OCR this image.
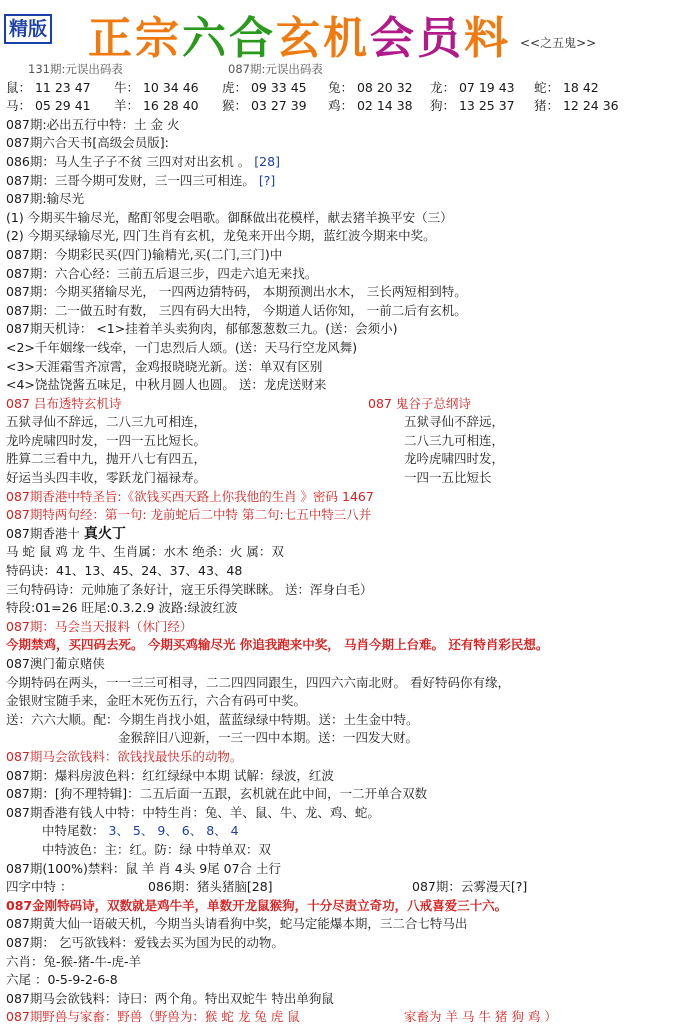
精版 正宗六合玄机会员料 <<之五鬼>>
131期:元误出码表	087期:元误出码表
鼠： 11 23 47 牛： 10 34 46 虎： 09 33 45 兔： 08 20 32 龙： 07 19 43 蛇： 18 42
马： 05 29 41 羊： 16 28 40 猴： 03 27 39 鸡： 02 14 38 狗： 13 25 37 猪： 12 24 36
087期:必出五行中特：土 金 火
087期六合天书[高级会员版]:
086期：马人生子子不贫 三四对对出玄机 。 [28]
087期：三哥今期可发财，三一四三可相连。 [?]
087期:输尽光
(1) 今期买牛输尽光，酩酊邻叟会唱歌。御酥做出花模样，献去猪羊换平安（三）
(2) 今期买绿输尽光, 四门生肖有玄机，龙兔来开出今期，蓝红波今期来中奖。
087期：今期彩民买(四门)输精光,买(二门,三门)中
087期：六合心经：三前五后退三步，四走六追无来找。
087期：今期买猪输尽光， 一四两边猜特码， 本期预测出水木， 三长两短相到特。
087期：二一做五时有数， 三四有码大出特， 今期道人话你知， 一前二后有玄机。
087期天机诗： <1>挂着羊头卖狗肉，郁郁葱葱数三九。(送：会须小)
<2>千年姻缘一线牵，一门忠烈后人颂。(送：天马行空龙风舞)
<3>天涯霜雪齐凉霄，金鸡报晓晓光新。送：单双有区别
<4>饶盐饶酱五味足，中秋月圆人也圆。 送：龙虎送财来
087 吕布透特玄机诗	087 鬼谷子总纲诗
五狱寻仙不辞远，二八三九可相连，	五狱寻仙不辞远，
龙吟虎啸四时发，一四一五比短长。	二八三九可相连，
胜算二三看中九，抛开八七有四五，	龙吟虎啸四时发，
好运当头四丰收，零跃龙门福禄寿。	一四一五比短长
087期香港中特圣旨:《欲钱买西天路上你我他的生肖 》密码 1467
087期特两句经：第一句: 龙前蛇后二中特 第二句:七五中特三八并
087期香港十 真火丁
马 蛇 鼠 鸡 龙 牛、生肖属：水木 绝杀：火 属：双
特码诀：41、13、45、24、37、43、48
三句特码诗：元帅施了条好计，寇王乐得笑眯眯。 送：浑身白毛）
特段:01=26 旺尾:0.3.2.9 波路:绿波红波
087期：马会当天报料（休门经）
今期禁鸡，买四码去死。 今期买鸡输尽光 你追我跑来中奖， 马肖今期上台难。 还有特肖彩民想。
087澳门葡京赌侠
今期特码在两头，一一三三可相寻，二二四四同跟生，四四六六南北财。 看好特码你有缘，
金银财宝随手来，金旺木死伤五行，六合有码可中奖。
送：六六大顺。配：今期生肖找小姐，蓝蓝绿绿中特期。送：土生金中特。
金猴辞旧八迎新，一三一四中本期。送：一四发大财。
087期马会欲钱料：欲钱找最快乐的动物。
087期：爆料房波色料：红红绿绿中本期 试解：绿波，红波
087期：[狗不理特辑]：二五后面一五跟，玄机就在此中间，一二开单合双数
087期香港有钱人中特：中特生肖：兔、羊、鼠、牛、龙、鸡、蛇。
中特尾数： 3、 5、 9、 6、 8、 4
中特波色：主：红。防：绿 中特单双：双
087期(100%)禁料：鼠 羊 肖 4头 9尾 07合 土行
四字中特 ：	086期：猪头猪脑[28]	087期：云雾漫天[?]
087金刚特码诗，双数就是鸡牛羊，单数开龙鼠猴狗，十分尽责立奇功，八戒喜爱三十六。
087期黄大仙一语破天机，今期当头请看狗中奖，蛇马定能爆本期，三二合七特马出
087期： 乞丐欲钱料：爱钱去买为国为民的动物。
六肖：兔-猴-猪-牛-虎-羊
六尾 ：0-5-9-2-6-8
087期马会欲钱料：诗曰：两个角。特出双蛇牛 特出单狗鼠
087期野兽与家畜：野兽（野兽为：猴 蛇 龙 兔 虎 鼠	家畜为 羊 马 牛 猪 狗 鸡 ）
